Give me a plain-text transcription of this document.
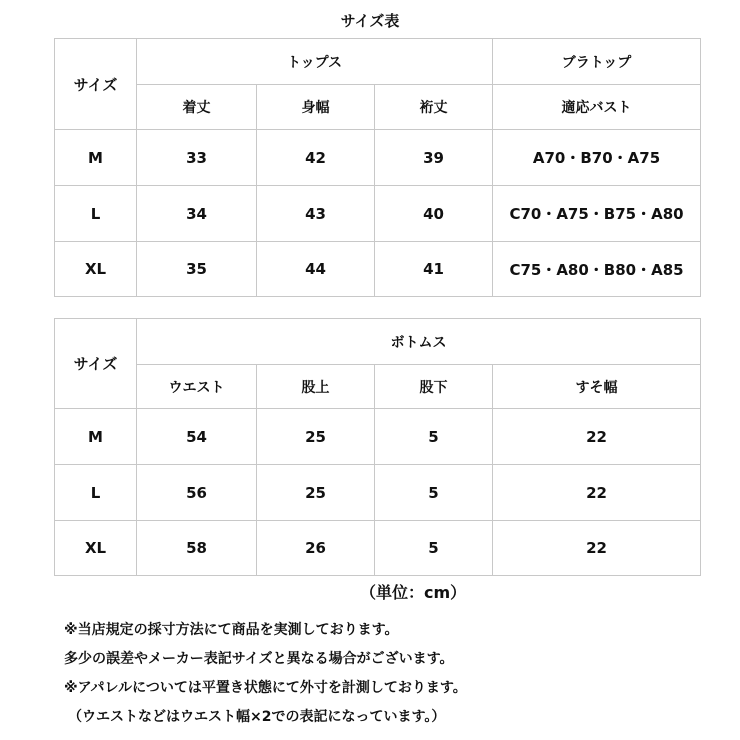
サイズ表
サイズ	トップス			ブラトップ
	着丈	身幅	裄丈	適応バスト
M	33	42	39	A70・B70・A75
L	34	43	40	C70・A75・B75・A80
XL	35	44	41	C75・A80・B80・A85
サイズ	ボトムス			
	ウエスト	股上	股下	すそ幅
M	54	25	5	22
L	56	25	5	22
XL	58	26	5	22
（単位：cm）
※当店規定の採寸方法にて商品を実測しております。
多少の誤差やメーカー表記サイズと異なる場合がございます。
※アパレルについては平置き状態にて外寸を計測しております。
（ウエストなどはウエスト幅×2での表記になっています。）
